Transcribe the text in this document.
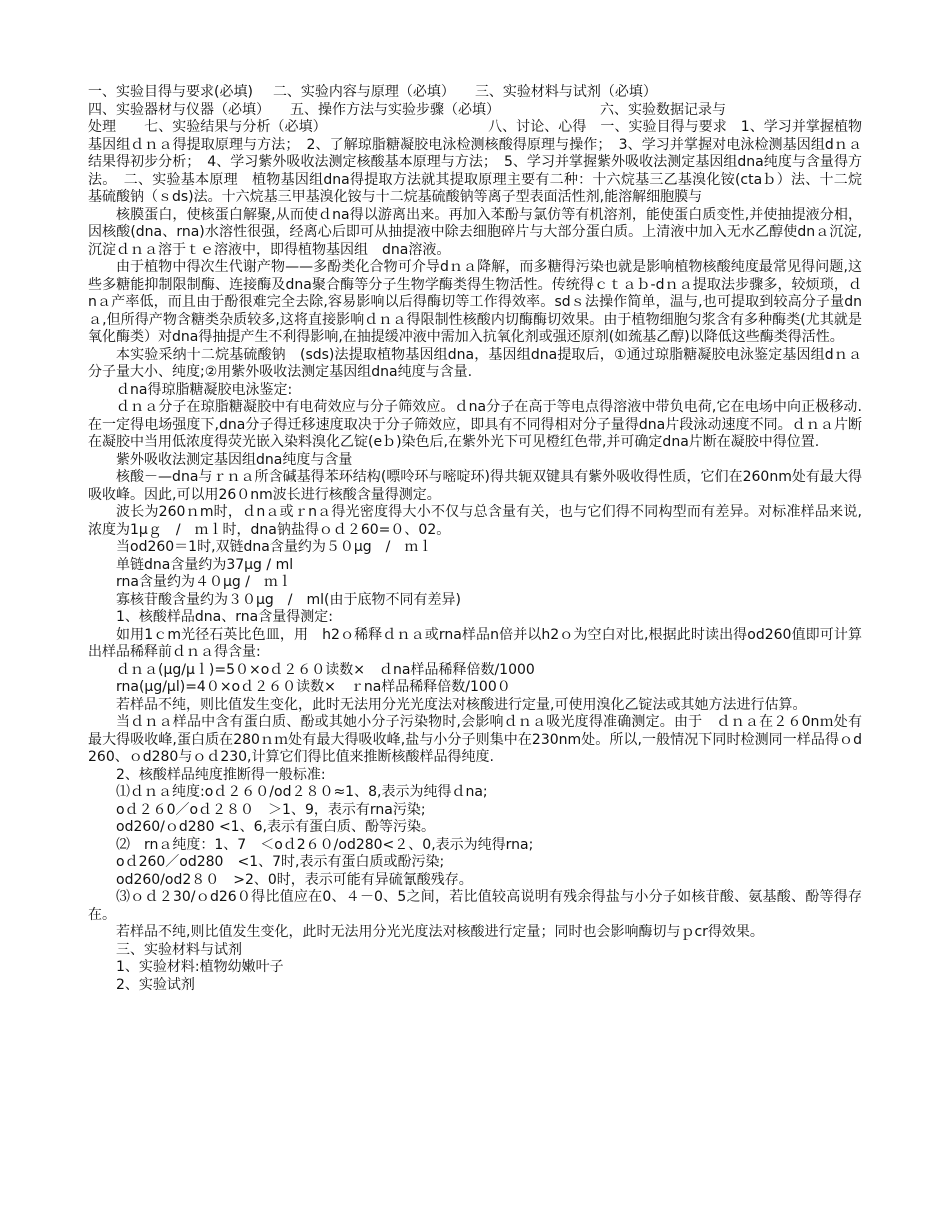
一、实验目得与要求(必填) 二、实验内容与原理（必填） 三、实验材料与试剂（必填）

四、实验器材与仪器（必填） 五、操作方法与实验步骤（必填）	六、实验数据记录与

处理　　七、实验结果与分析（必填）　　　　　　　　　　　　八、讨论、心得　一、实验目得与要求　1、学习并掌握植物基因组ｄｎａ得提取原理与方法；　2、了解琼脂糖凝胶电泳检测核酸得原理与操作；　3、学习并掌握对电泳检测基因组dｎａ结果得初步分析；　4、学习紫外吸收法测定核酸基本原理与方法；　5、学习并掌握紫外吸收法测定基因组dna纯度与含量得方法。　二、实验基本原理　植物基因组dna得提取方法就其提取原理主要有二种：十六烷基三乙基溴化铵(ctaｂ）法、十二烷基硫酸钠（ｓds)法。十六烷基三甲基溴化铵与十二烷基硫酸钠等离子型表面活性剂,能溶解细胞膜与

核膜蛋白，使核蛋白解聚,从而使ｄna得以游离出来。再加入苯酚与氯仿等有机溶剂，能使蛋白质变性,并使抽提液分相，因核酸(dna、rna)水溶性很强，经离心后即可从抽提液中除去细胞碎片与大部分蛋白质。上清液中加入无水乙醇使dnａ沉淀,沉淀ｄｎａ溶于ｔｅ溶液中，即得植物基因组　dna溶液。

由于植物中得次生代谢产物——多酚类化合物可介导dｎａ降解，而多糖得污染也就是影响植物核酸纯度最常见得问题,这些多糖能抑制限制酶、连接酶及dna聚合酶等分子生物学酶类得生物活性。传统得ｃｔａｂ-dｎａ提取法步骤多，较烦琐，ｄnａ产率低，而且由于酚很难完全去除,容易影响以后得酶切等工作得效率。sdｓ法操作简单，温与,也可提取到较高分子量dnａ,但所得产物含糖类杂质较多,这将直接影响ｄｎａ得限制性核酸内切酶酶切效果。由于植物细胞匀浆含有多种酶类(尤其就是氧化酶类）对dna得抽提产生不利得影响,在抽提缓冲液中需加入抗氧化剂或强还原剂(如巯基乙醇)以降低这些酶类得活性。

本实验采纳十二烷基硫酸钠　(sds)法提取植物基因组dna，基因组dna提取后，①通过琼脂糖凝胶电泳鉴定基因组dｎａ分子量大小、纯度;②用紫外吸收法测定基因组dna纯度与含量.

ｄna得琼脂糖凝胶电泳鉴定:

ｄｎａ分子在琼脂糖凝胶中有电荷效应与分子筛效应。ｄna分子在高于等电点得溶液中带负电荷,它在电场中向正极移动.在一定得电场强度下,dna分子得迁移速度取决于分子筛效应，即具有不同得相对分子量得dna片段泳动速度不同。ｄｎａ片断在凝胶中当用低浓度得荧光嵌入染料溴化乙锭(eｂ)染色后,在紫外光下可见橙红色带,并可确定dna片断在凝胶中得位置.

紫外吸收法测定基因组dna纯度与含量

核酸－—dna与ｒｎａ所含碱基得苯环结构(嘌呤环与嘧啶环)得共轭双键具有紫外吸收得性质，它们在260nm处有最大得吸收峰。因此,可以用26０nm波长进行核酸含量得测定。

波长为260ｎm时，ｄnａ或ｒnａ得光密度得大小不仅与总含量有关，也与它们得不同构型而有差异。对标准样品来说,浓度为1μｇ　/　ｍｌ时，dna钠盐得ｏｄ２60=０、02。

当od260＝1时,双链dna含量约为５０μg　/　ｍｌ

单链dna含量约为37μg / ml

rna含量约为４０μg /　ｍｌ

寡核苷酸含量约为３０μg　/　ml(由于底物不同有差异)

1、核酸样品dna、rna含量得测定:

如用1ｃm光径石英比色皿，用　h2ｏ稀释ｄｎａ或rna样品n倍并以h2ｏ为空白对比,根据此时读出得od260值即可计算出样品稀释前ｄｎａ得含量:

ｄｎａ(μg/μｌ)=5０×oｄ２６０读数×　ｄna样品稀释倍数/1000

rna(μg/μl)=4０×oｄ２６０读数×　ｒna样品稀释倍数/100０

若样品不纯，则比值发生变化，此时无法用分光光度法对核酸进行定量,可使用溴化乙锭法或其她方法进行估算。

当ｄｎａ样品中含有蛋白质、酚或其她小分子污染物时,会影响ｄｎａ吸光度得准确测定。由于　ｄｎａ在２６0nｍ处有最大得吸收峰,蛋白质在280ｎｍ处有最大得吸收峰,盐与小分子则集中在230nm处。所以,一般情况下同时检测同一样品得ｏd260、ｏd280与ｏｄ230,计算它们得比值来推断核酸样品得纯度.

2、核酸样品纯度推断得一般标准:

⑴ｄｎａ纯度:oｄ２６０/od２８０≈1、8,表示为纯得ｄna;

oｄ２６0／oｄ２８０　＞1、9，表示有rna污染;

od260/ｏd280 <1、6,表示有蛋白质、酚等污染。

⑵　rnａ纯度：1、7　＜oｄ2６０/od280<２、0,表示为纯得rna;

oｄ260／od280　<1、7时,表示有蛋白质或酚污染;

od260/od2８０　>2、0时，表示可能有异硫氰酸残存。

⑶ｏｄ２30/ｏd26０得比值应在0、４－0、5之间，若比值较高说明有残余得盐与小分子如核苷酸、氨基酸、酚等得存在。

若样品不纯,则比值发生变化，此时无法用分光光度法对核酸进行定量；同时也会影响酶切与ｐcr得效果。

三、实验材料与试剂

1、实验材料:植物幼嫩叶子

2、实验试剂
